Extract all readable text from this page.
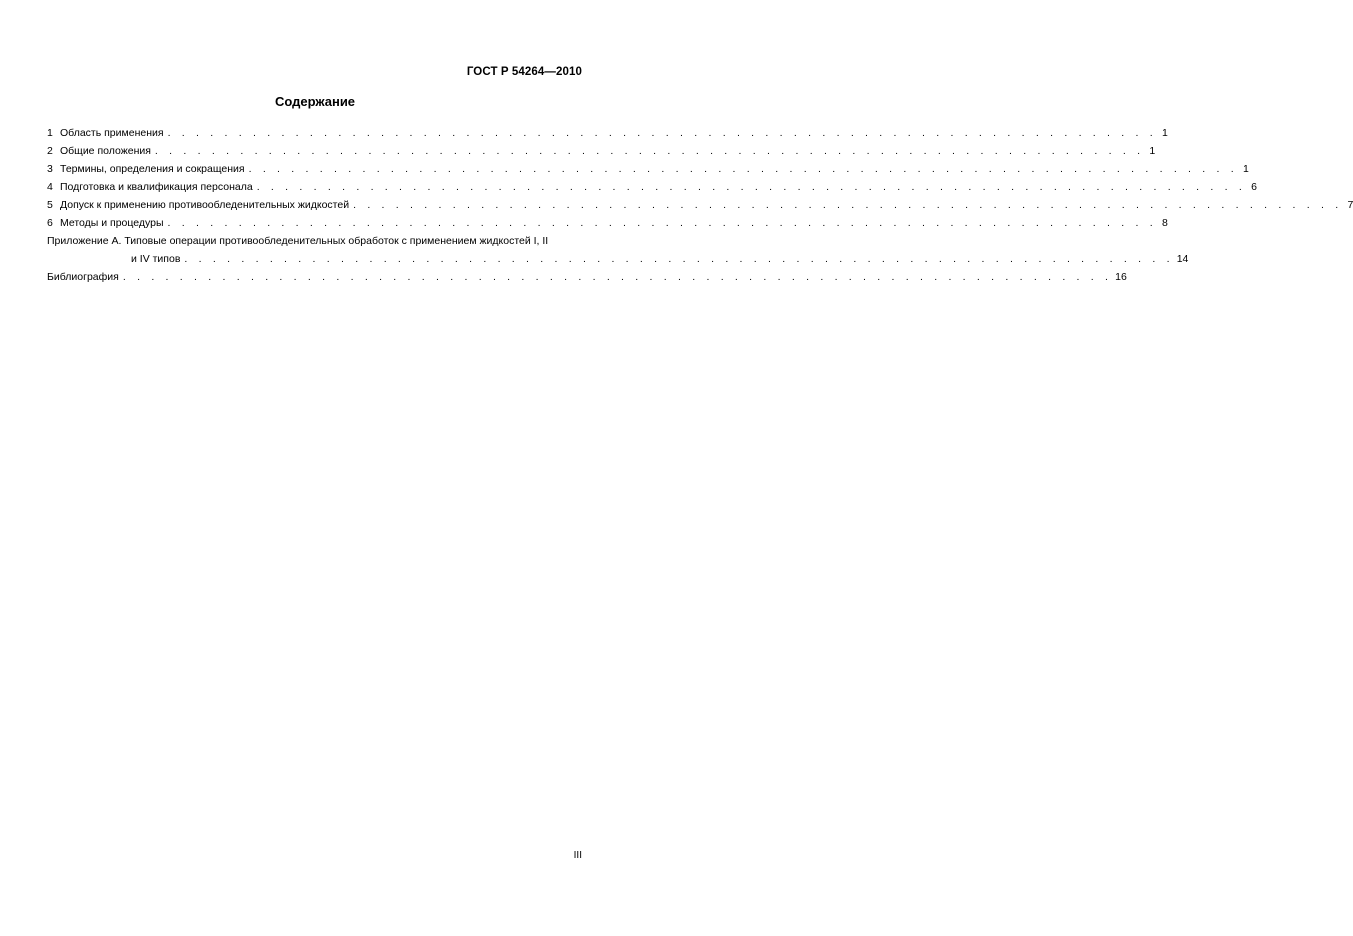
ГОСТ Р 54264—2010
Содержание
1 Область применения . . . . . . . . . . . . . . . . . . . . . . . . . . . . . . . . . . . . . . . . . . . . . . . . . . . . . . . . . . . . . . . . . . . . . . 1
2 Общие положения . . . . . . . . . . . . . . . . . . . . . . . . . . . . . . . . . . . . . . . . . . . . . . . . . . . . . . . . . . . . . . . . . . . . . . 1
3 Термины, определения и сокращения . . . . . . . . . . . . . . . . . . . . . . . . . . . . . . . . . . . . . . . . . . . . . . . . . . . . . . . . . . . . . . . . . . . . . . 1
4 Подготовка и квалификация персонала . . . . . . . . . . . . . . . . . . . . . . . . . . . . . . . . . . . . . . . . . . . . . . . . . . . . . . . . . . . . . . . . . . . . . . 6
5 Допуск к применению противообледенительных жидкостей . . . . . . . . . . . . . . . . . . . . . . . . . . . . . . . . . . . . . . . . . . . . . . . . . . . . . . . . . . . . . . . . . . . . . . 7
6 Методы и процедуры . . . . . . . . . . . . . . . . . . . . . . . . . . . . . . . . . . . . . . . . . . . . . . . . . . . . . . . . . . . . . . . . . . . . . . 8
Приложение А. Типовые операции противообледенительных обработок с применением жидкостей I, II
и IV типов . . . . . . . . . . . . . . . . . . . . . . . . . . . . . . . . . . . . . . . . . . . . . . . . . . . . . . . . . . . . . . . . . . . . . . 14
Библиография . . . . . . . . . . . . . . . . . . . . . . . . . . . . . . . . . . . . . . . . . . . . . . . . . . . . . . . . . . . . . . . . . . . . . . 16
III
